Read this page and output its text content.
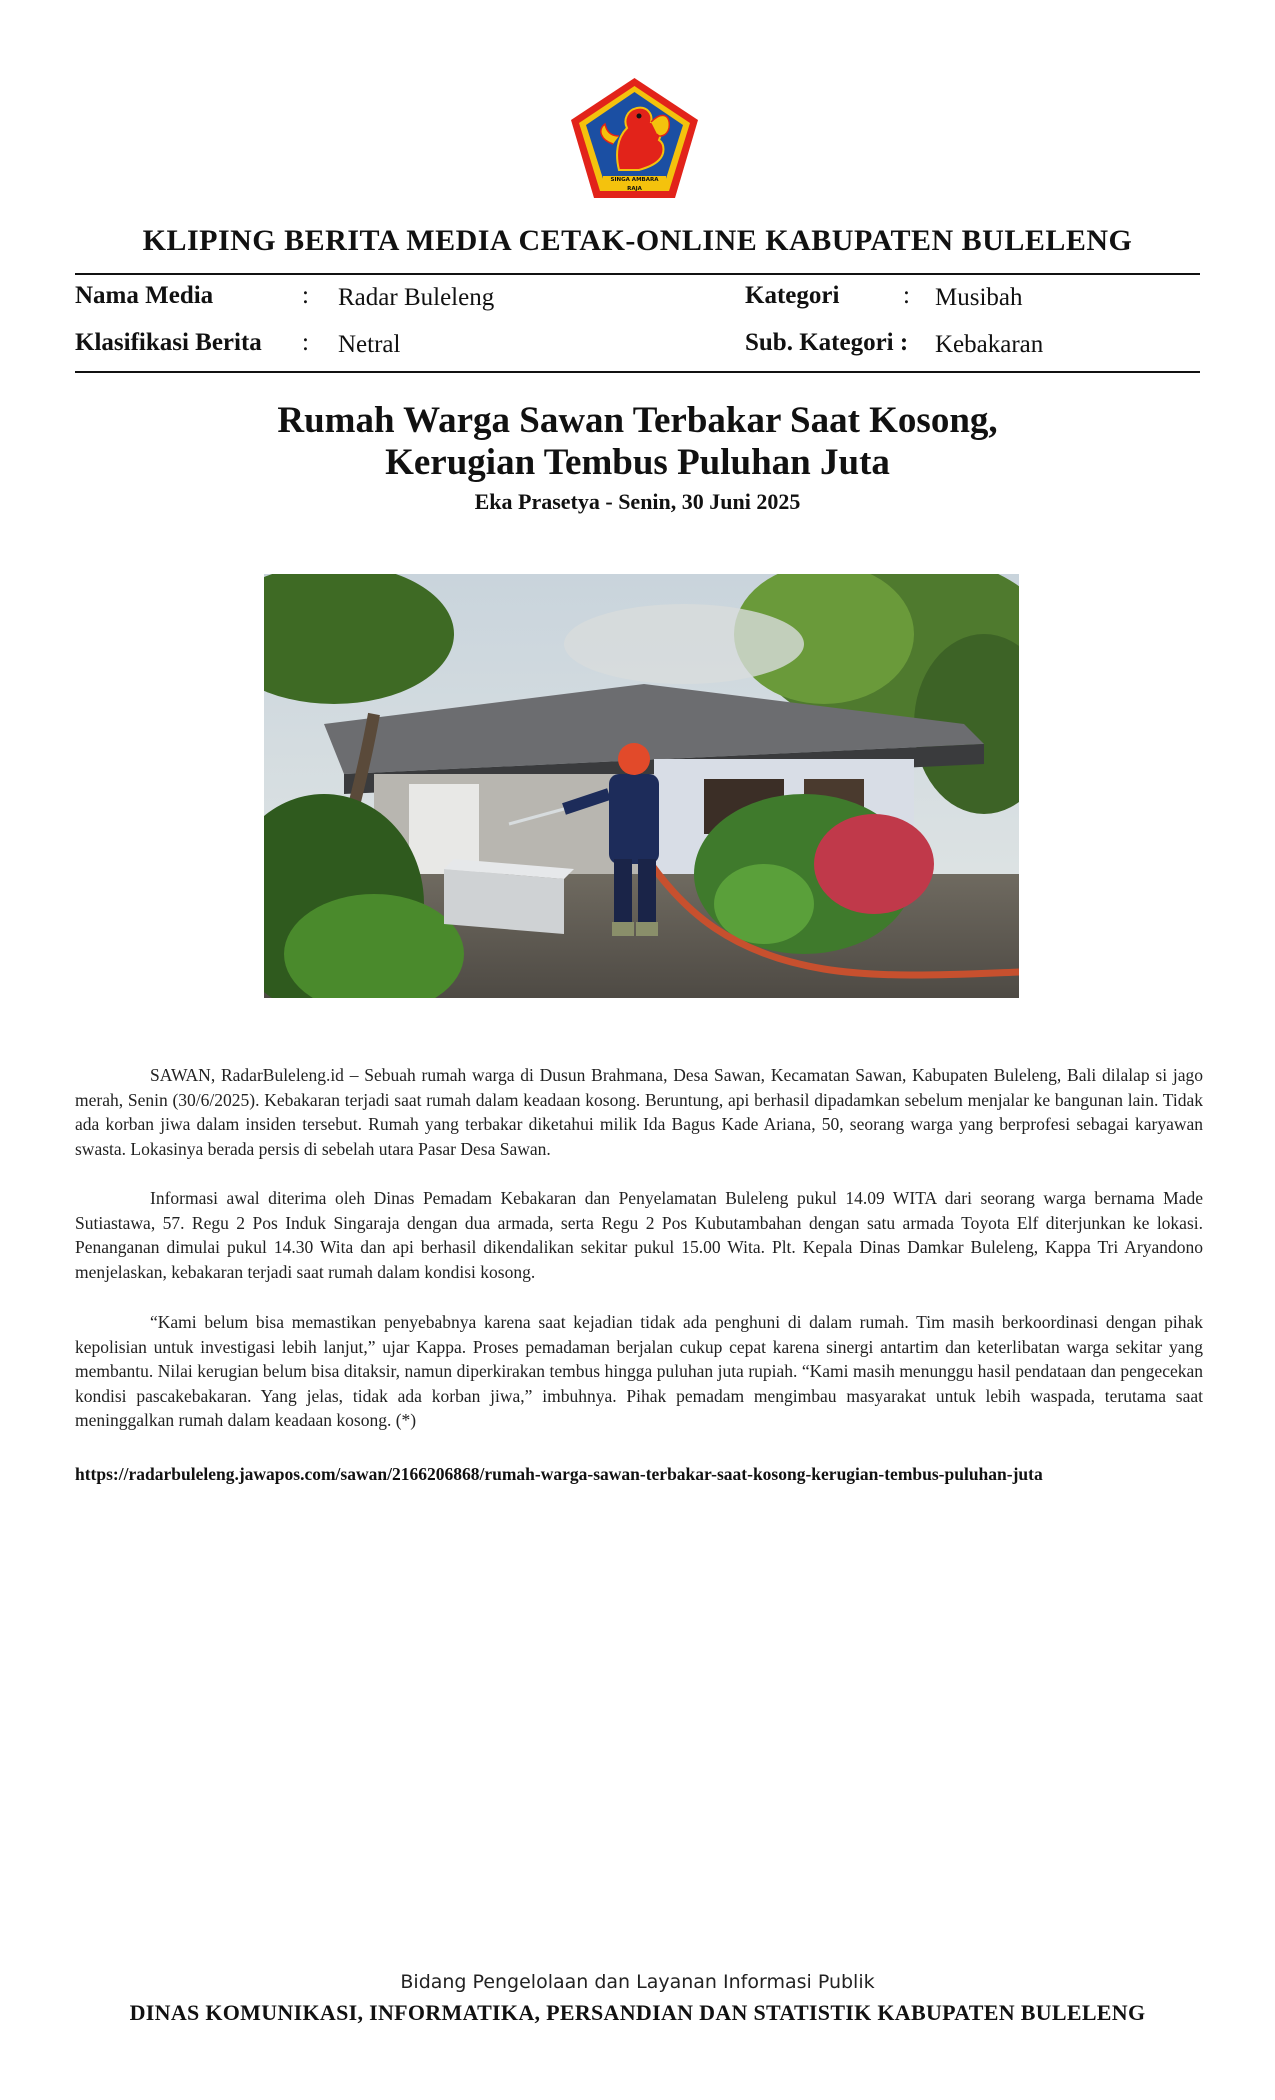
SINGA AMBARA RAJA
KLIPING BERITA MEDIA CETAK-ONLINE KABUPATEN BULELENG
Nama Media	: Radar Buleleng	Kategori	: Musibah
Klasifikasi Berita : Netral	Sub. Kategori : Kebakaran
Rumah Warga Sawan Terbakar Saat Kosong,
Kerugian Tembus Puluhan Juta
Eka Prasetya - Senin, 30 Juni 2025
SAWAN, RadarBuleleng.id – Sebuah rumah warga di Dusun Brahmana, Desa Sawan, Kecamatan Sawan, Kabupaten Buleleng, Bali dilalap si jago merah, Senin (30/6/2025). Kebakaran terjadi saat rumah dalam keadaan kosong. Beruntung, api berhasil dipadamkan sebelum menjalar ke bangunan lain. Tidak ada korban jiwa dalam insiden tersebut. Rumah yang terbakar diketahui milik Ida Bagus Kade Ariana, 50, seorang warga yang berprofesi sebagai karyawan swasta. Lokasinya berada persis di sebelah utara Pasar Desa Sawan.
Informasi awal diterima oleh Dinas Pemadam Kebakaran dan Penyelamatan Buleleng pukul 14.09 WITA dari seorang warga bernama Made Sutiastawa, 57. Regu 2 Pos Induk Singaraja dengan dua armada, serta Regu 2 Pos Kubutambahan dengan satu armada Toyota Elf diterjunkan ke lokasi. Penanganan dimulai pukul 14.30 Wita dan api berhasil dikendalikan sekitar pukul 15.00 Wita. Plt. Kepala Dinas Damkar Buleleng, Kappa Tri Aryandono menjelaskan, kebakaran terjadi saat rumah dalam kondisi kosong.
“Kami belum bisa memastikan penyebabnya karena saat kejadian tidak ada penghuni di dalam rumah. Tim masih berkoordinasi dengan pihak kepolisian untuk investigasi lebih lanjut,” ujar Kappa. Proses pemadaman berjalan cukup cepat karena sinergi antartim dan keterlibatan warga sekitar yang membantu. Nilai kerugian belum bisa ditaksir, namun diperkirakan tembus hingga puluhan juta rupiah. “Kami masih menunggu hasil pendataan dan pengecekan kondisi pascakebakaran. Yang jelas, tidak ada korban jiwa,” imbuhnya. Pihak pemadam mengimbau masyarakat untuk lebih waspada, terutama saat meninggalkan rumah dalam keadaan kosong. (*)
https://radarbuleleng.jawapos.com/sawan/2166206868/rumah-warga-sawan-terbakar-saat-kosong-kerugian-tembus-puluhan-juta
Bidang Pengelolaan dan Layanan Informasi Publik
DINAS KOMUNIKASI, INFORMATIKA, PERSANDIAN DAN STATISTIK KABUPATEN BULELENG
